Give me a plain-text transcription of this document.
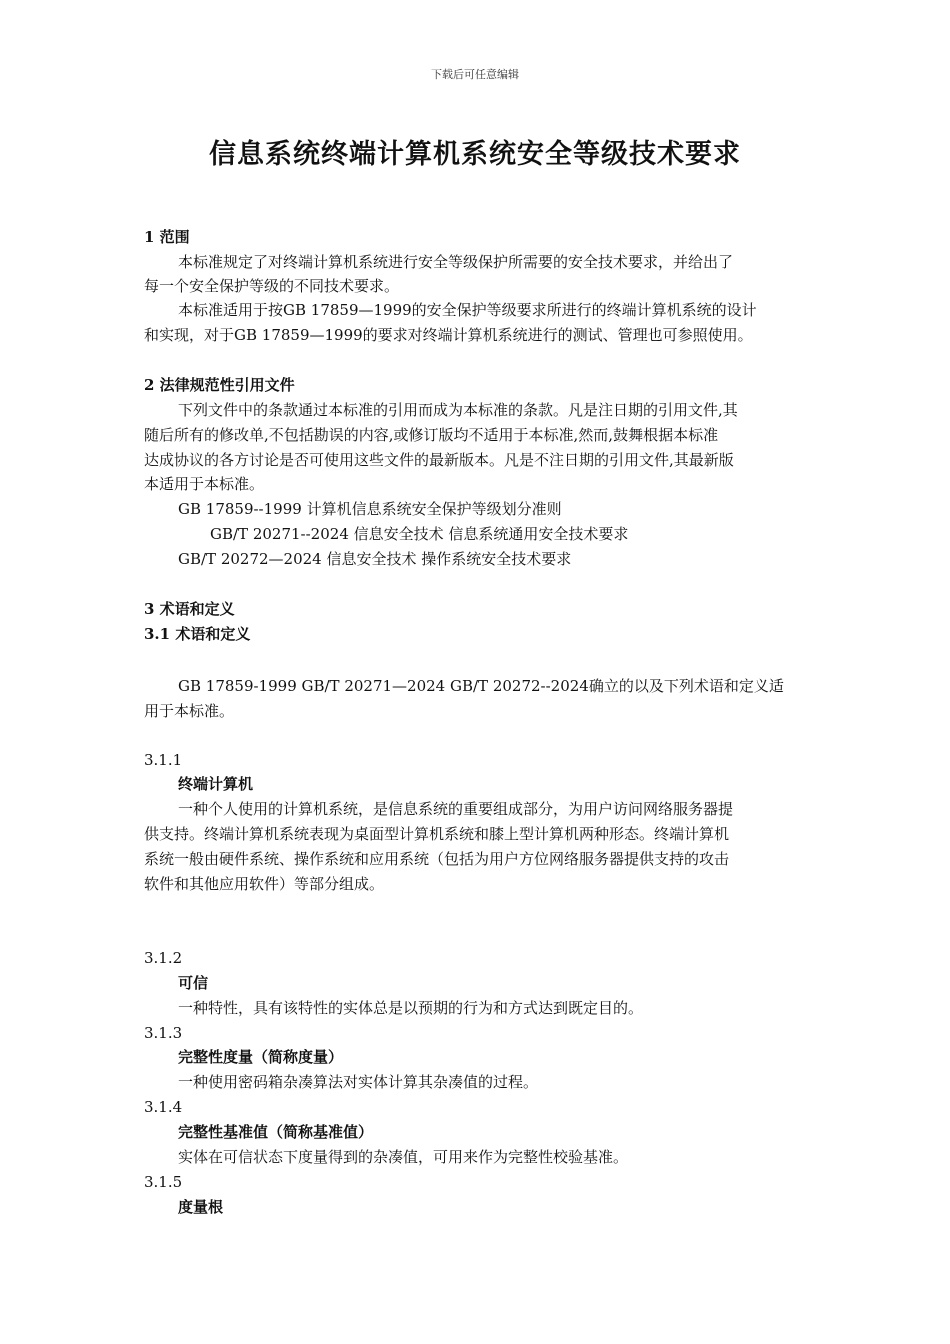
下载后可任意编辑
信息系统终端计算机系统安全等级技术要求
1 范围
本标准规定了对终端计算机系统进行安全等级保护所需要的安全技术要求，并给出了
每一个安全保护等级的不同技术要求。
本标准适用于按GB 17859—1999的安全保护等级要求所进行的终端计算机系统的设计
和实现，对于GB 17859—1999的要求对终端计算机系统进行的测试、管理也可参照使用。
2 法律规范性引用文件
下列文件中的条款通过本标准的引用而成为本标准的条款。凡是注日期的引用文件,其
随后所有的修改单,不包括勘误的内容,或修订版均不适用于本标准,然而,鼓舞根据本标准
达成协议的各方讨论是否可使用这些文件的最新版本。凡是不注日期的引用文件,其最新版
本适用于本标准。
GB 17859--1999 计算机信息系统安全保护等级划分准则
GB/T 20271--2024 信息安全技术 信息系统通用安全技术要求
GB/T 20272—2024 信息安全技术 操作系统安全技术要求
3 术语和定义
3.1 术语和定义
GB 17859-1999 GB/T 20271—2024 GB/T 20272--2024确立的以及下列术语和定义适
用于本标准。
3.1.1
终端计算机
一种个人使用的计算机系统，是信息系统的重要组成部分，为用户访问网络服务器提
供支持。终端计算机系统表现为桌面型计算机系统和膝上型计算机两种形态。终端计算机
系统一般由硬件系统、操作系统和应用系统（包括为用户方位网络服务器提供支持的攻击
软件和其他应用软件）等部分组成。
3.1.2
可信
一种特性，具有该特性的实体总是以预期的行为和方式达到既定目的。
3.1.3
完整性度量（简称度量）
一种使用密码箱杂凑算法对实体计算其杂凑值的过程。
3.1.4
完整性基准值（简称基准值）
实体在可信状态下度量得到的杂凑值，可用来作为完整性校验基准。
3.1.5
度量根
